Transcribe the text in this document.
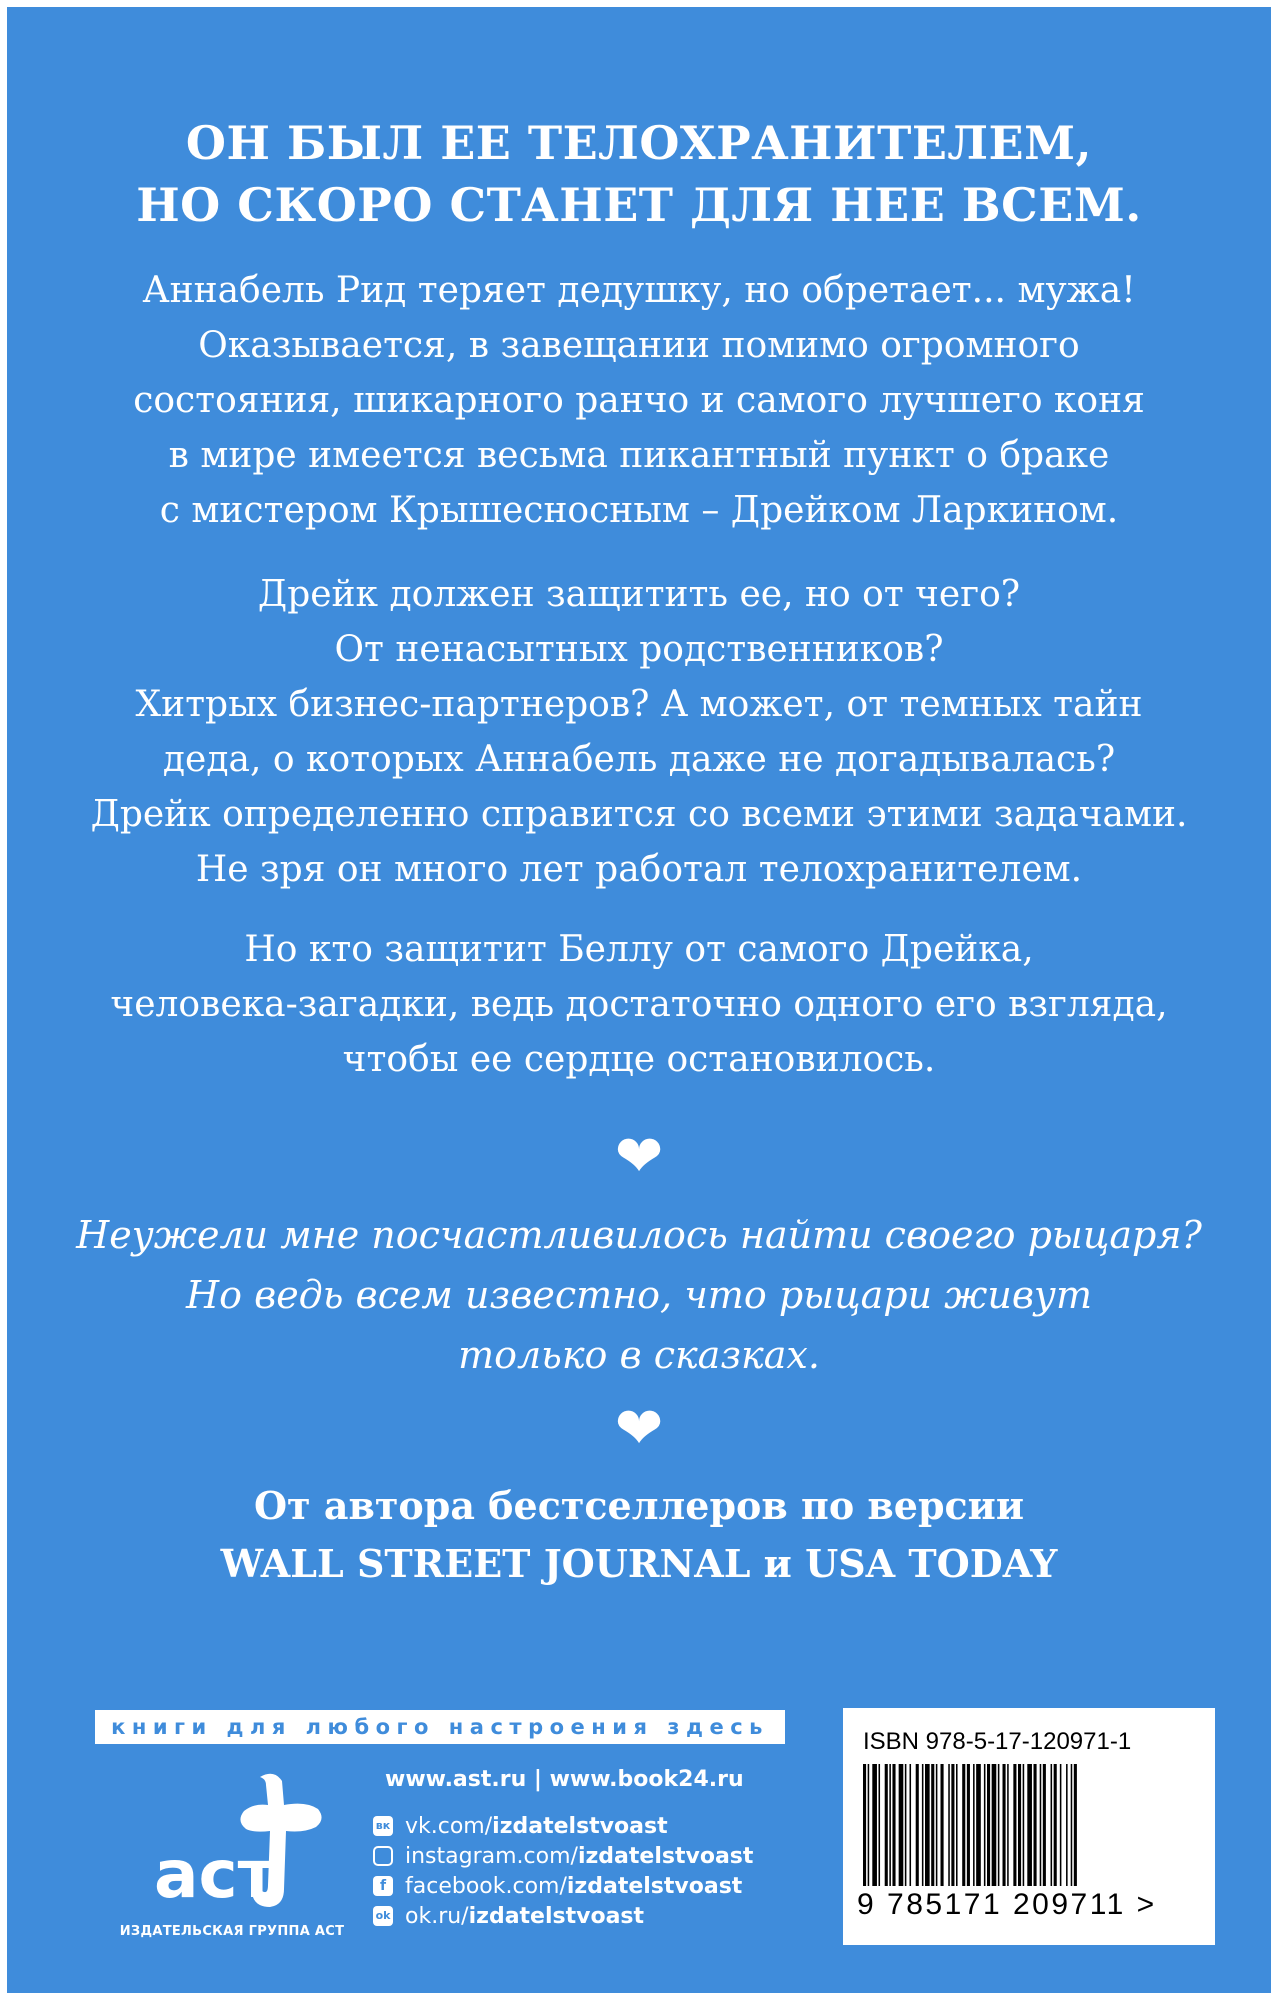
ОН БЫЛ ЕЕ ТЕЛОХРАНИТЕЛЕМ,
НО СКОРО СТАНЕТ ДЛЯ НЕЕ ВСЕМ.
Аннабель Рид теряет дедушку, но обретает... мужа!
Оказывается, в завещании помимо огромного
состояния, шикарного ранчо и самого лучшего коня
в мире имеется весьма пикантный пункт о браке
с мистером Крышесносным – Дрейком Ларкином.
Дрейк должен защитить ее, но от чего?
От ненасытных родственников?
Хитрых бизнес-партнеров? А может, от темных тайн
деда, о которых Аннабель даже не догадывалась?
Дрейк определенно справится со всеми этими задачами.
Не зря он много лет работал телохранителем.
Но кто защитит Беллу от самого Дрейка,
человека-загадки, ведь достаточно одного его взгляда,
чтобы ее сердце остановилось.
❤
Неужели мне посчастливилось найти своего рыцаря?
Но ведь всем известно, что рыцари живут
только в сказках.
❤
От автора бестселлеров по версии
WALL STREET JOURNAL и USA TODAY
книги для любого настроения здесь
аст
ИЗДАТЕЛЬСКАЯ ГРУППА АСТ
www.ast.ru | www.book24.ru
вк vk.com/izdatelstvoast
instagram.com/izdatelstvoast
f facebook.com/izdatelstvoast
ok ok.ru/izdatelstvoast
ISBN 978-5-17-120971-1
9 785171 209711 >
